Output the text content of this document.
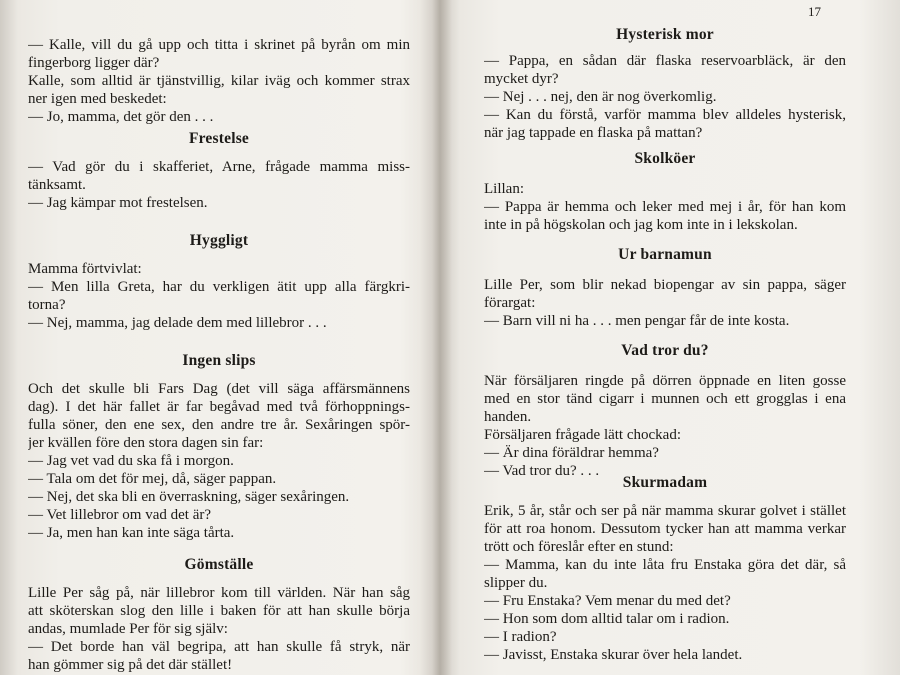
17
— Kalle, vill du gå upp och titta i skrinet på byrån om min
fingerborg ligger där?
Kalle, som alltid är tjänstvillig, kilar iväg och kommer strax
ner igen med beskedet:
— Jo, mamma, det gör den . . .
Frestelse
— Vad gör du i skafferiet, Arne, frågade mamma miss-
tänksamt.
— Jag kämpar mot frestelsen.
Hyggligt
Mamma förtvivlat:
— Men lilla Greta, har du verkligen ätit upp alla färgkri-
torna?
— Nej, mamma, jag delade dem med lillebror . . .
Ingen slips
Och det skulle bli Fars Dag (det vill säga affärsmännens
dag). I det här fallet är far begåvad med två förhoppnings-
fulla söner, den ene sex, den andre tre år. Sexåringen spör-
jer kvällen före den stora dagen sin far:
— Jag vet vad du ska få i morgon.
— Tala om det för mej, då, säger pappan.
— Nej, det ska bli en överraskning, säger sexåringen.
— Vet lillebror om vad det är?
— Ja, men han kan inte säga tårta.
Gömställe
Lille Per såg på, när lillebror kom till världen. När han såg
att sköterskan slog den lille i baken för att han skulle börja
andas, mumlade Per för sig själv:
— Det borde han väl begripa, att han skulle få stryk, när
han gömmer sig på det där stället!
Hysterisk mor
— Pappa, en sådan där flaska reservoarbläck, är den
mycket dyr?
— Nej . . . nej, den är nog överkomlig.
— Kan du förstå, varför mamma blev alldeles hysterisk,
när jag tappade en flaska på mattan?
Skolköer
Lillan:
— Pappa är hemma och leker med mej i år, för han kom
inte in på högskolan och jag kom inte in i lekskolan.
Ur barnamun
Lille Per, som blir nekad biopengar av sin pappa, säger
förargat:
— Barn vill ni ha . . . men pengar får de inte kosta.
Vad tror du?
När försäljaren ringde på dörren öppnade en liten gosse
med en stor tänd cigarr i munnen och ett grogglas i ena
handen.
Försäljaren frågade lätt chockad:
— Är dina föräldrar hemma?
— Vad tror du? . . .
Skurmadam
Erik, 5 år, står och ser på när mamma skurar golvet i stället
för att roa honom. Dessutom tycker han att mamma verkar
trött och föreslår efter en stund:
— Mamma, kan du inte låta fru Enstaka göra det där, så
slipper du.
— Fru Enstaka? Vem menar du med det?
— Hon som dom alltid talar om i radion.
— I radion?
— Javisst, Enstaka skurar över hela landet.
